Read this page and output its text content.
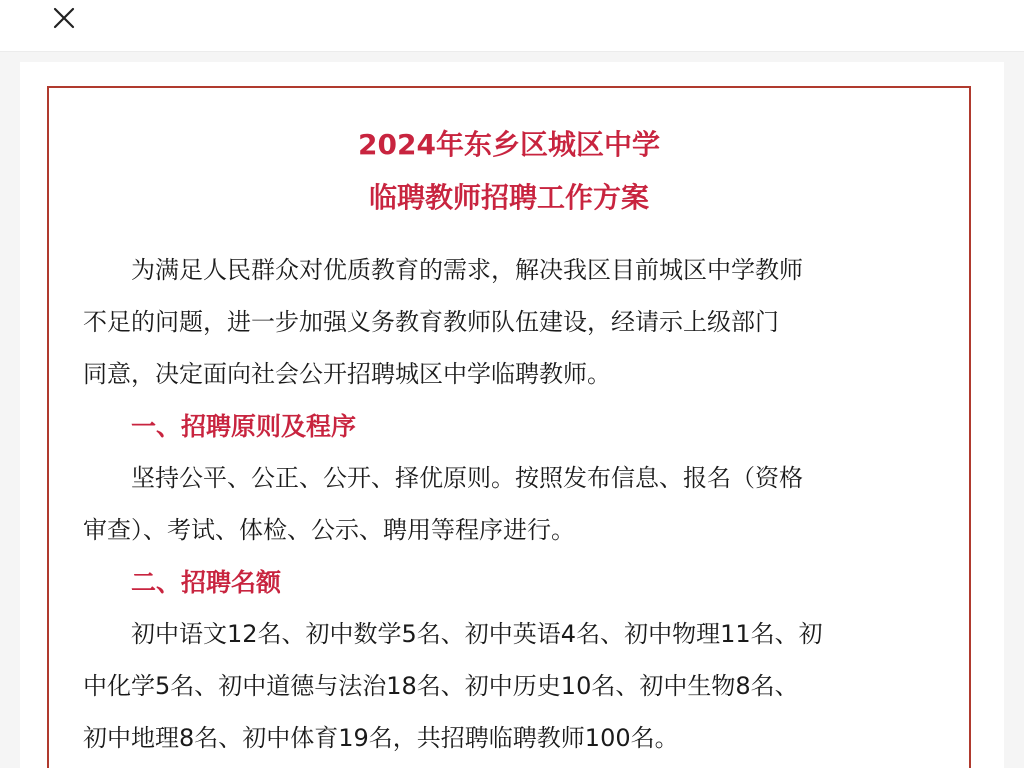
2024年东乡区城区中学
临聘教师招聘工作方案
为满足人民群众对优质教育的需求，解决我区目前城区中学教师
不足的问题，进一步加强义务教育教师队伍建设，经请示上级部门
同意，决定面向社会公开招聘城区中学临聘教师。
一、招聘原则及程序
坚持公平、公正、公开、择优原则。按照发布信息、报名（资格
审查）、考试、体检、公示、聘用等程序进行。
二、招聘名额
初中语文12名、初中数学5名、初中英语4名、初中物理11名、初
中化学5名、初中道德与法治18名、初中历史10名、初中生物8名、
初中地理8名、初中体育19名，共招聘临聘教师100名。
